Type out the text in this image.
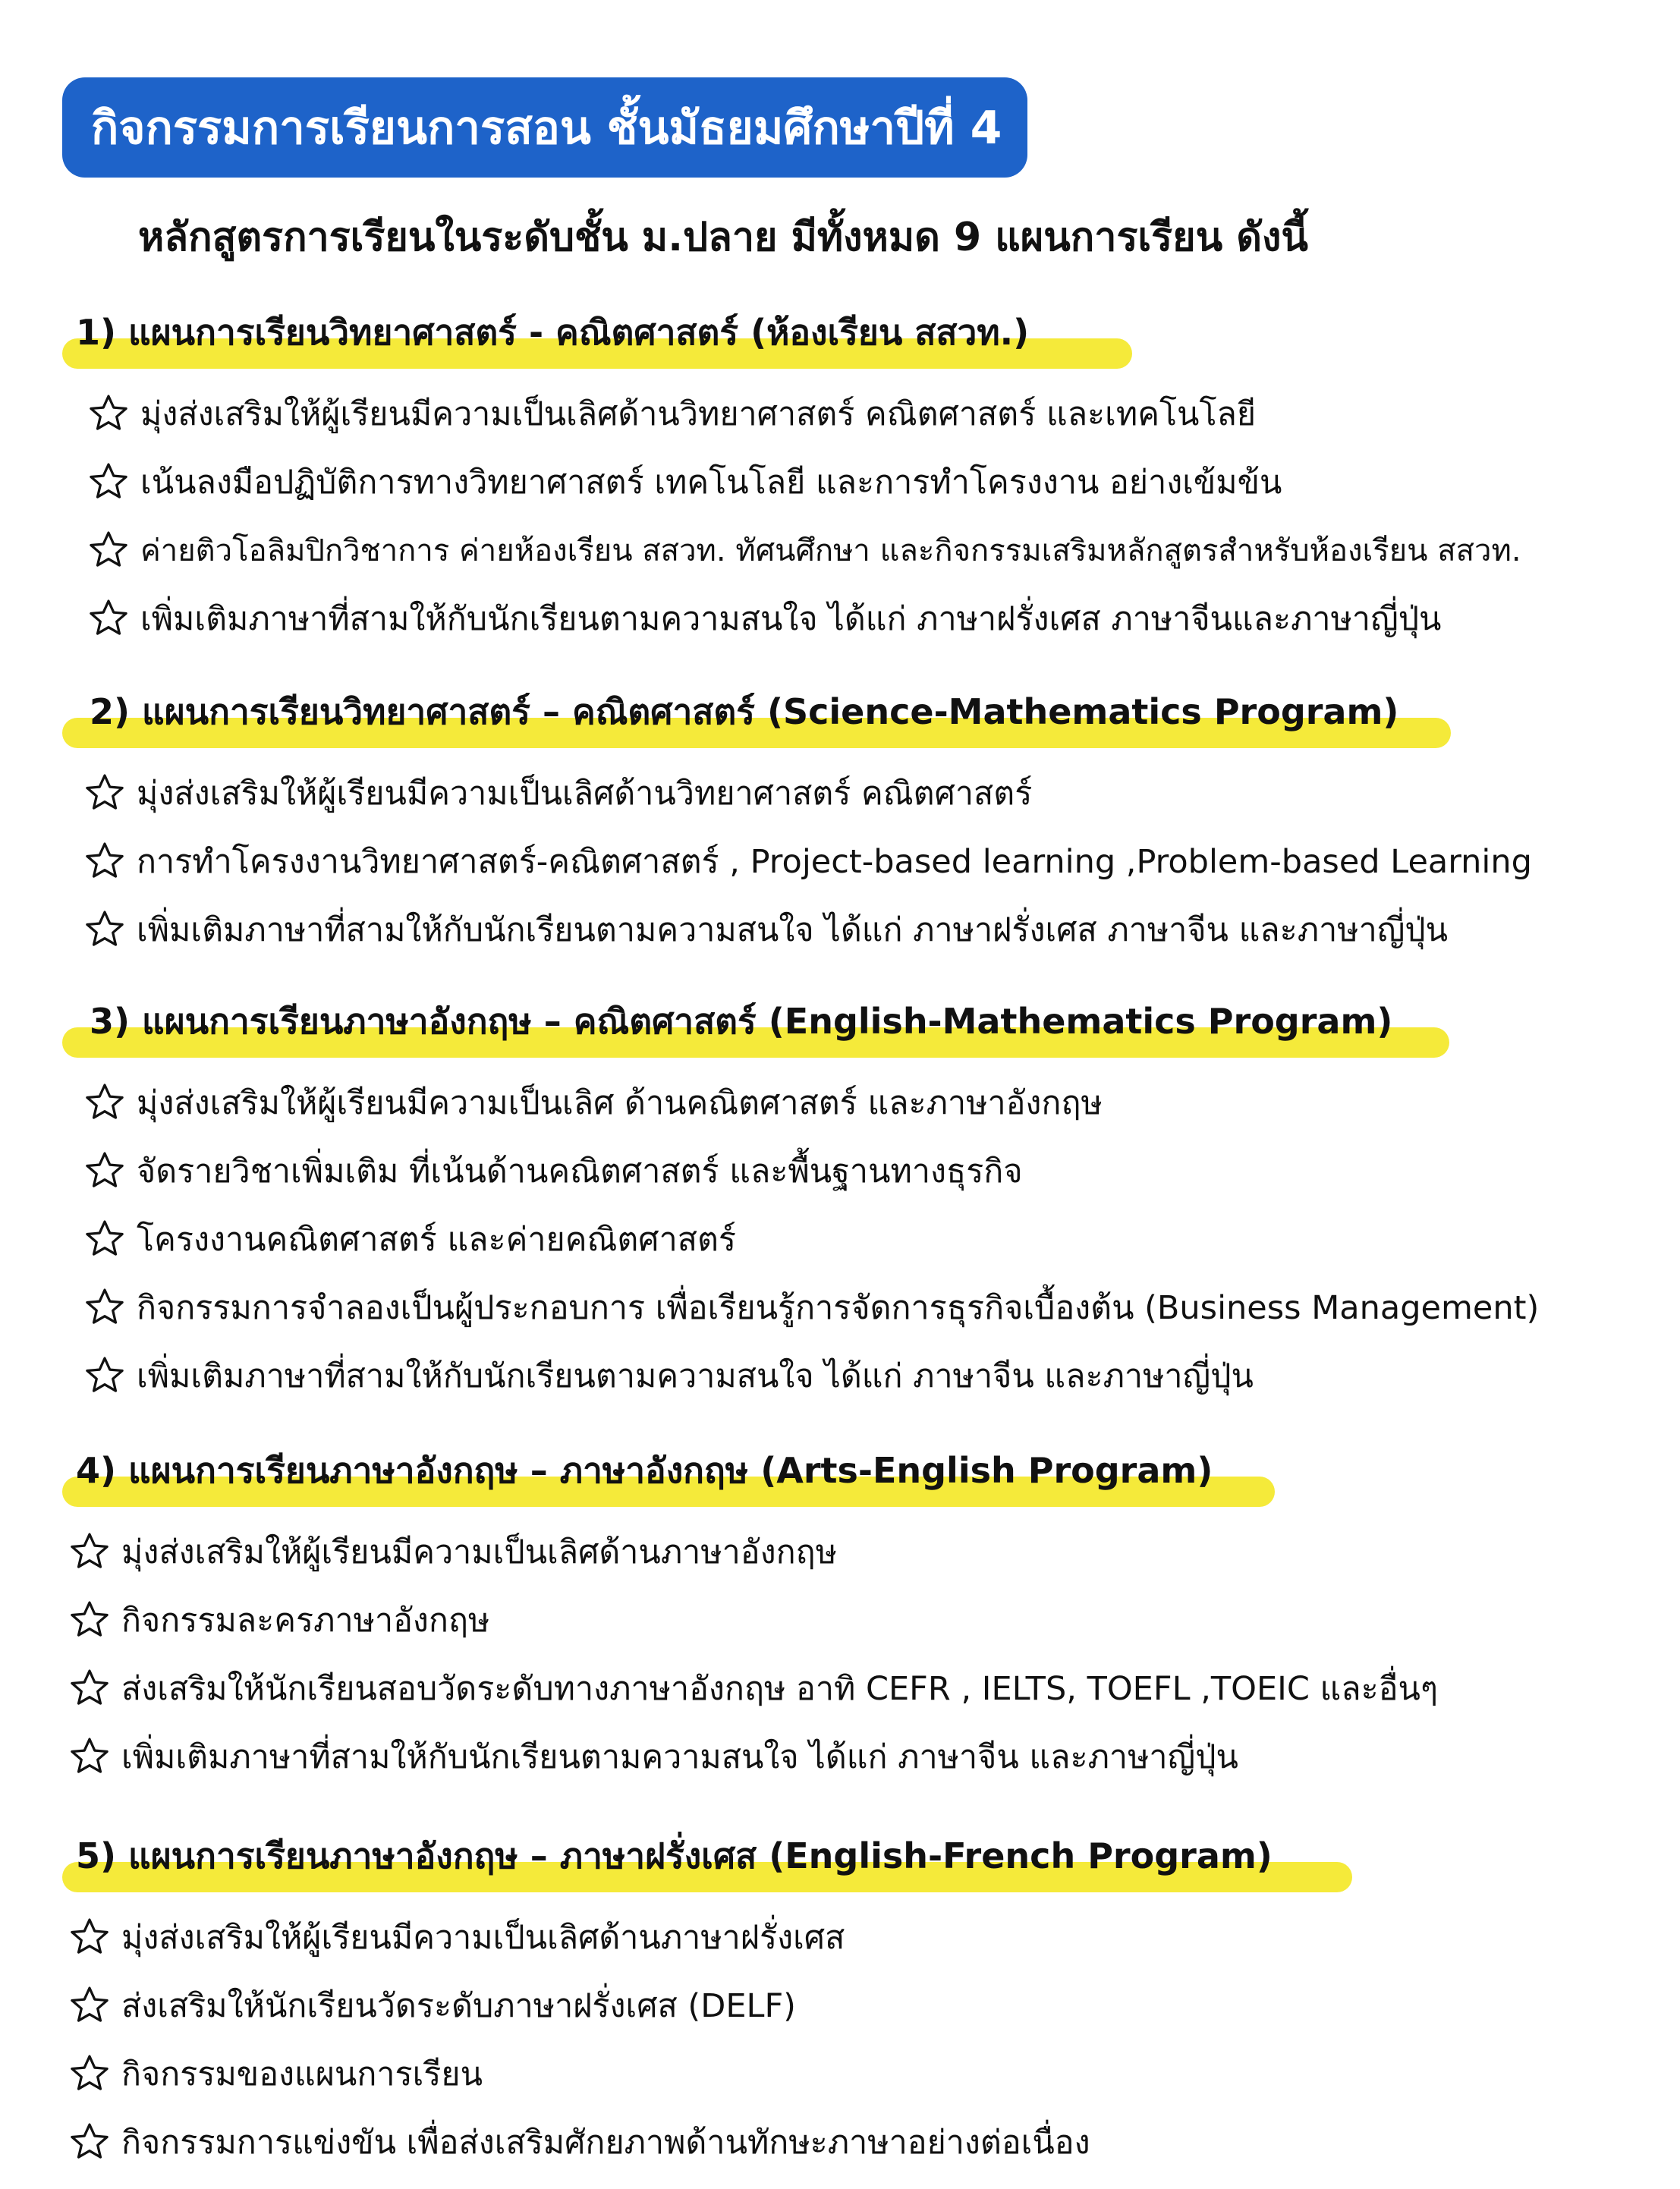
กิจกรรมการเรียนการสอน ชั้นมัธยมศึกษาปีที่ 4
หลักสูตรการเรียนในระดับชั้น ม.ปลาย มีทั้งหมด 9 แผนการเรียน ดังนี้
1) แผนการเรียนวิทยาศาสตร์ - คณิตศาสตร์ (ห้องเรียน สสวท.)
มุ่งส่งเสริมให้ผู้เรียนมีความเป็นเลิศด้านวิทยาศาสตร์ คณิตศาสตร์ และเทคโนโลยี
เน้นลงมือปฏิบัติการทางวิทยาศาสตร์ เทคโนโลยี และการทำโครงงาน อย่างเข้มข้น
ค่ายติวโอลิมปิกวิชาการ ค่ายห้องเรียน สสวท. ทัศนศึกษา และกิจกรรมเสริมหลักสูตรสำหรับห้องเรียน สสวท.
เพิ่มเติมภาษาที่สามให้กับนักเรียนตามความสนใจ ได้แก่ ภาษาฝรั่งเศส ภาษาจีนและภาษาญี่ปุ่น
2) แผนการเรียนวิทยาศาสตร์ – คณิตศาสตร์ (Science-Mathematics Program)
มุ่งส่งเสริมให้ผู้เรียนมีความเป็นเลิศด้านวิทยาศาสตร์ คณิตศาสตร์
การทำโครงงานวิทยาศาสตร์-คณิตศาสตร์ , Project-based learning ,Problem-based Learning
เพิ่มเติมภาษาที่สามให้กับนักเรียนตามความสนใจ ได้แก่ ภาษาฝรั่งเศส ภาษาจีน และภาษาญี่ปุ่น
3) แผนการเรียนภาษาอังกฤษ – คณิตศาสตร์ (English-Mathematics Program)
มุ่งส่งเสริมให้ผู้เรียนมีความเป็นเลิศ ด้านคณิตศาสตร์ และภาษาอังกฤษ
จัดรายวิชาเพิ่มเติม ที่เน้นด้านคณิตศาสตร์ และพื้นฐานทางธุรกิจ
โครงงานคณิตศาสตร์ และค่ายคณิตศาสตร์
กิจกรรมการจำลองเป็นผู้ประกอบการ เพื่อเรียนรู้การจัดการธุรกิจเบื้องต้น (Business Management)
เพิ่มเติมภาษาที่สามให้กับนักเรียนตามความสนใจ ได้แก่ ภาษาจีน และภาษาญี่ปุ่น
4) แผนการเรียนภาษาอังกฤษ – ภาษาอังกฤษ (Arts-English Program)
มุ่งส่งเสริมให้ผู้เรียนมีความเป็นเลิศด้านภาษาอังกฤษ
กิจกรรมละครภาษาอังกฤษ
ส่งเสริมให้นักเรียนสอบวัดระดับทางภาษาอังกฤษ อาทิ CEFR , IELTS, TOEFL ,TOEIC และอื่นๆ
เพิ่มเติมภาษาที่สามให้กับนักเรียนตามความสนใจ ได้แก่ ภาษาจีน และภาษาญี่ปุ่น
5) แผนการเรียนภาษาอังกฤษ – ภาษาฝรั่งเศส (English-French Program)
มุ่งส่งเสริมให้ผู้เรียนมีความเป็นเลิศด้านภาษาฝรั่งเศส
ส่งเสริมให้นักเรียนวัดระดับภาษาฝรั่งเศส (DELF)
กิจกรรมของแผนการเรียน
กิจกรรมการแข่งขัน เพื่อส่งเสริมศักยภาพด้านทักษะภาษาอย่างต่อเนื่อง
